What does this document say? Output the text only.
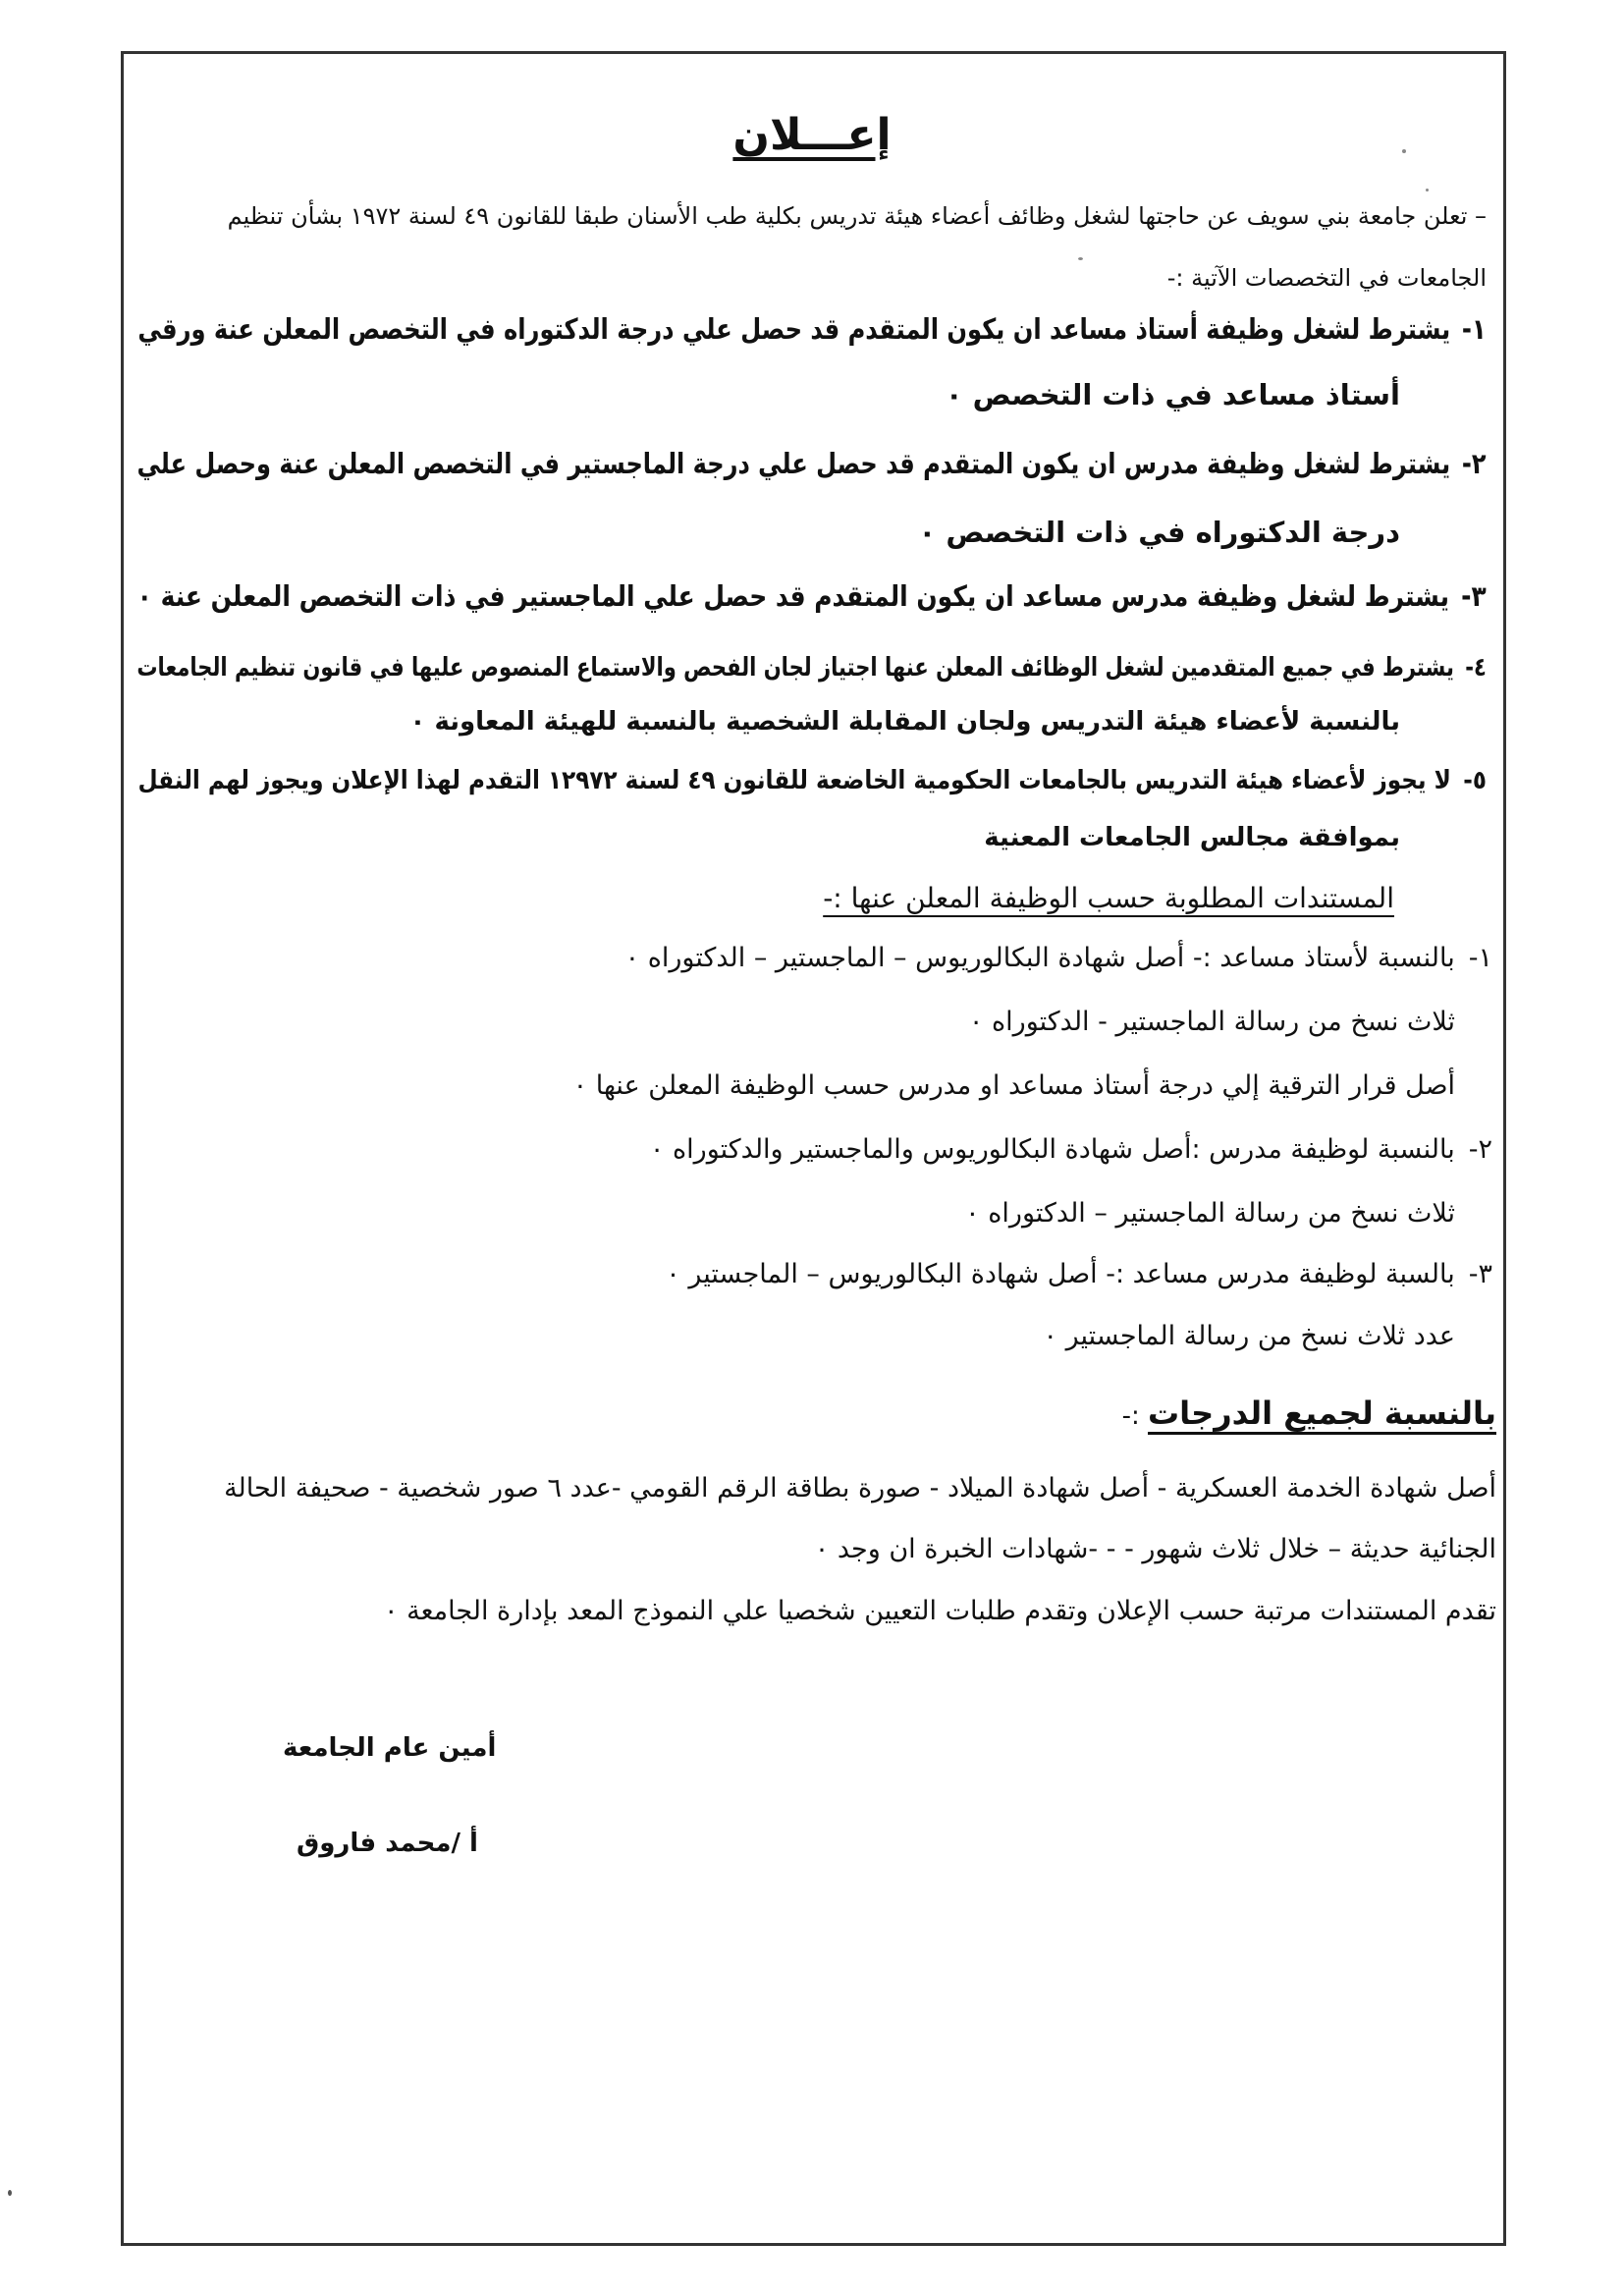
إعـــلان
– تعلن جامعة بني سويف عن حاجتها لشغل وظائف أعضاء هيئة تدريس بكلية طب الأسنان طبقا للقانون ٤٩ لسنة ١٩٧٢ بشأن تنظيم
الجامعات في التخصصات الآتية :-
١-يشترط لشغل وظيفة أستاذ مساعد ان يكون المتقدم قد حصل علي درجة الدكتوراه في التخصص المعلن عنة ورقي
أستاذ مساعد في ذات التخصص ٠
٢-يشترط لشغل وظيفة مدرس ان يكون المتقدم قد حصل علي درجة الماجستير في التخصص المعلن عنة وحصل علي
درجة الدكتوراه في ذات التخصص ٠
٣-يشترط لشغل وظيفة مدرس مساعد ان يكون المتقدم قد حصل علي الماجستير في ذات التخصص المعلن عنة ٠
٤-يشترط في جميع المتقدمين لشغل الوظائف المعلن عنها اجتياز لجان الفحص والاستماع المنصوص عليها في قانون تنظيم الجامعات
بالنسبة لأعضاء هيئة التدريس ولجان المقابلة الشخصية بالنسبة للهيئة المعاونة ٠
٥-لا يجوز لأعضاء هيئة التدريس بالجامعات الحكومية الخاضعة للقانون ٤٩ لسنة ١٢٩٧٢ التقدم لهذا الإعلان ويجوز لهم النقل
بموافقة مجالس الجامعات المعنية
المستندات المطلوبة حسب الوظيفة المعلن عنها :-
١-بالنسبة لأستاذ مساعد :- أصل شهادة البكالوريوس – الماجستير – الدكتوراه ٠
ثلاث نسخ من رسالة الماجستير - الدكتوراه ٠
أصل قرار الترقية إلي درجة أستاذ مساعد او مدرس حسب الوظيفة المعلن عنها ٠
٢-بالنسبة لوظيفة مدرس :أصل شهادة البكالوريوس والماجستير والدكتوراه ٠
ثلاث نسخ من رسالة الماجستير – الدكتوراه ٠
٣-بالسبة لوظيفة مدرس مساعد :- أصل شهادة البكالوريوس – الماجستير ٠
عدد ثلاث نسخ من رسالة الماجستير ٠
بالنسبة لجميع الدرجات :-
أصل شهادة الخدمة العسكرية - أصل شهادة الميلاد - صورة بطاقة الرقم القومي -عدد ٦ صور شخصية - صحيفة الحالة
الجنائية حديثة – خلال ثلاث شهور - - -شهادات الخبرة ان وجد ٠
تقدم المستندات مرتبة حسب الإعلان وتقدم طلبات التعيين شخصيا علي النموذج المعد بإدارة الجامعة ٠
أمين عام الجامعة
أ /محمد فاروق
